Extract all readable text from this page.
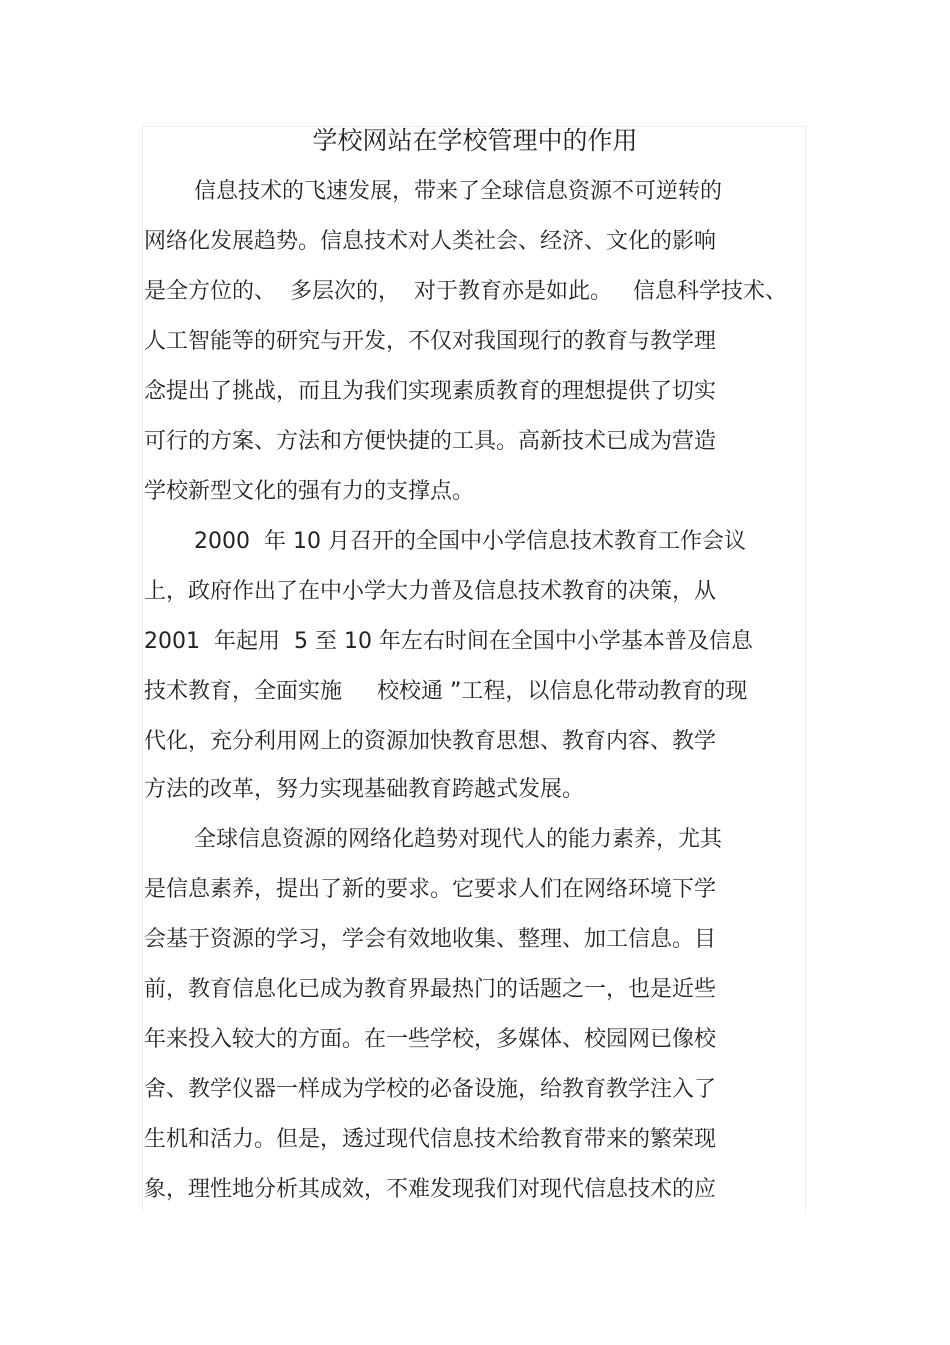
学校网站在学校管理中的作用
信息技术的飞速发展，带来了全球信息资源不可逆转的
网络化发展趋势。信息技术对人类社会、经济、文化的影响
是全方位的、  多层次的，  对于教育亦是如此。   信息科学技术、
人工智能等的研究与开发，不仅对我国现行的教育与教学理
念提出了挑战，而且为我们实现素质教育的理想提供了切实
可行的方案、方法和方便快捷的工具。高新技术已成为营造
学校新型文化的强有力的支撑点。
2000  年 10 月召开的全国中小学信息技术教育工作会议
上，政府作出了在中小学大力普及信息技术教育的决策，从
2001  年起用  5 至 10 年左右时间在全国中小学基本普及信息
技术教育，全面实施     校校通 ”工程，以信息化带动教育的现
代化，充分利用网上的资源加快教育思想、教育内容、教学
方法的改革，努力实现基础教育跨越式发展。
全球信息资源的网络化趋势对现代人的能力素养，尤其
是信息素养，提出了新的要求。它要求人们在网络环境下学
会基于资源的学习，学会有效地收集、整理、加工信息。目
前，教育信息化已成为教育界最热门的话题之一，也是近些
年来投入较大的方面。在一些学校，多媒体、校园网已像校
舍、教学仪器一样成为学校的必备设施，给教育教学注入了
生机和活力。但是，透过现代信息技术给教育带来的繁荣现
象，理性地分析其成效，不难发现我们对现代信息技术的应
